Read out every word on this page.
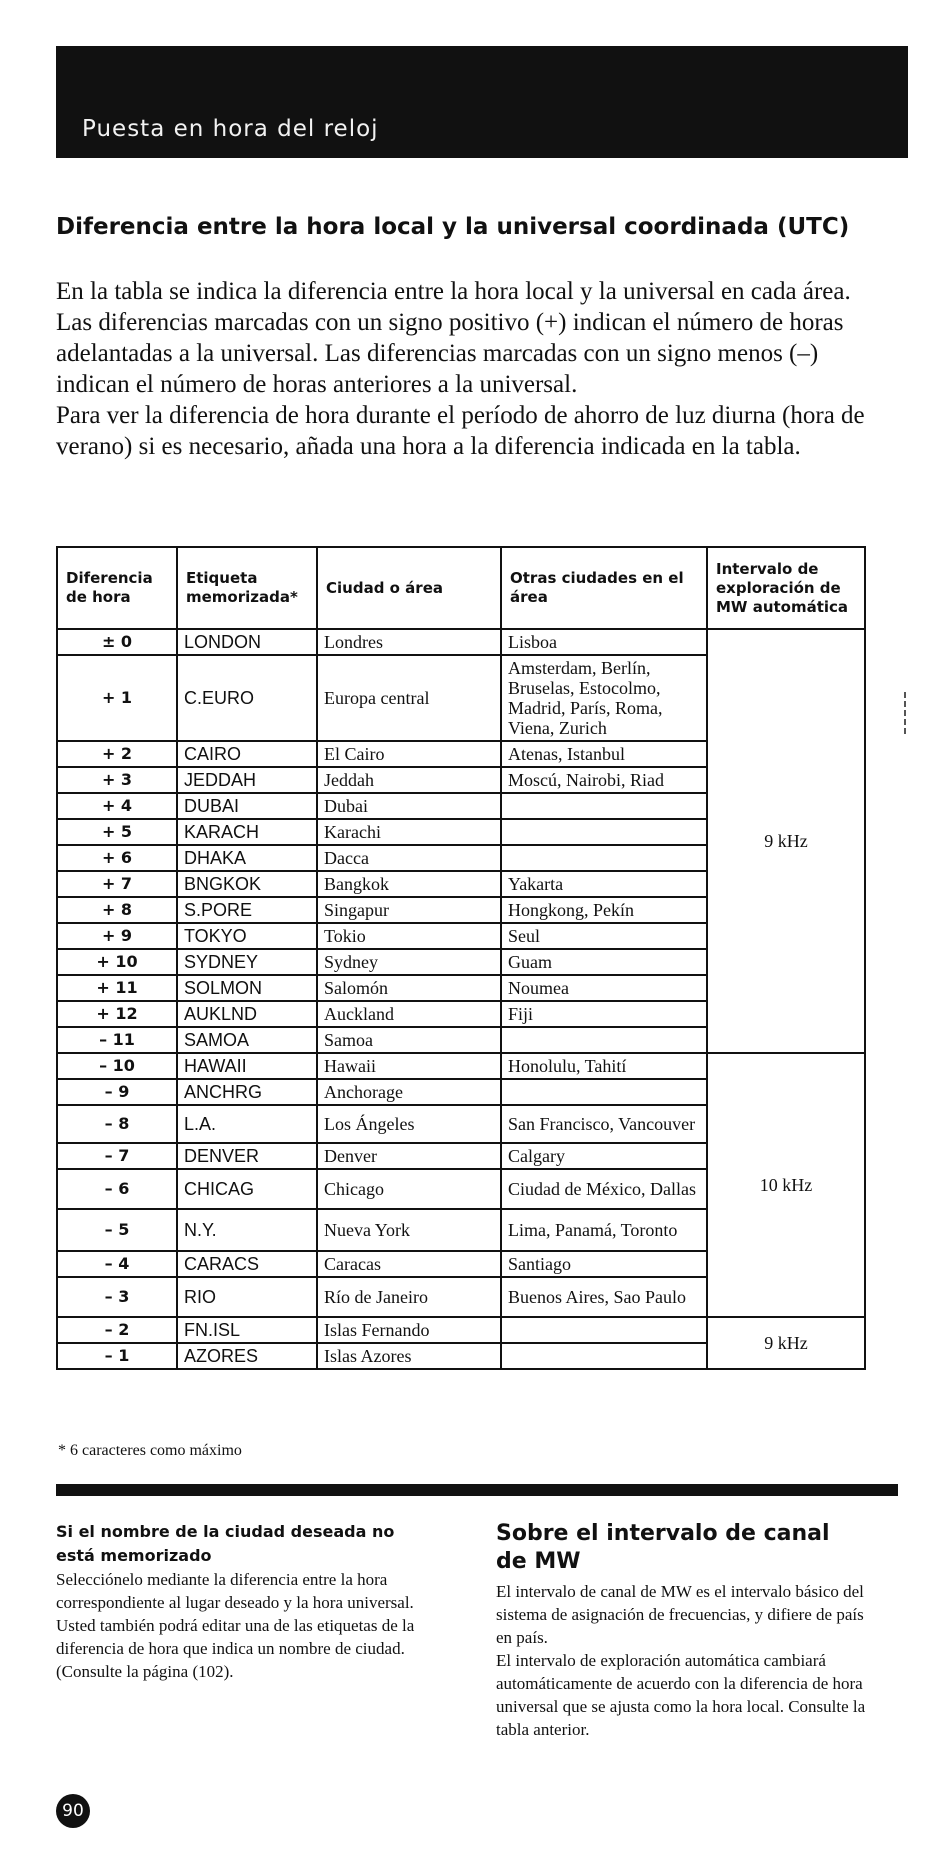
Puesta en hora del reloj
Diferencia entre la hora local y la universal coordinada (UTC)

En la tabla se indica la diferencia entre la hora local y la universal en cada área. Las diferencias marcadas con un signo positivo (+) indican el número de horas adelantadas a la universal. Las diferencias marcadas con un signo menos (–) indican el número de horas anteriores a la universal.

Para ver la diferencia de hora durante el período de ahorro de luz diurna (hora de verano) si es necesario, añada una hora a la diferencia indicada en la tabla.

Diferencia de hora	Etiqueta memorizada*	Ciudad o área	Otras ciudades en el área	Intervalo de exploración de MW automática
± 0	LONDON	Londres	Lisboa	9 kHz
+ 1	C.EURO	Europa central	Amsterdam, Berlín, Bruselas, Estocolmo, Madrid, París, Roma, Viena, Zurich	
+ 2	CAIRO	El Cairo	Atenas, Istanbul	
+ 3	JEDDAH	Jeddah	Moscú, Nairobi, Riad	
+ 4	DUBAI	Dubai		
+ 5	KARACH	Karachi		
+ 6	DHAKA	Dacca		
+ 7	BNGKOK	Bangkok	Yakarta	
+ 8	S.PORE	Singapur	Hongkong, Pekín	
+ 9	TOKYO	Tokio	Seul	
+ 10	SYDNEY	Sydney	Guam	
+ 11	SOLMON	Salomón	Noumea	
+ 12	AUKLND	Auckland	Fiji	
– 11	SAMOA	Samoa		
– 10	HAWAII	Hawaii	Honolulu, Tahití	10 kHz
– 9	ANCHRG	Anchorage		
– 8	L.A.	Los Ángeles	San Francisco, Vancouver	
– 7	DENVER	Denver	Calgary	
– 6	CHICAG	Chicago	Ciudad de México, Dallas	
– 5	N.Y.	Nueva York	Lima, Panamá, Toronto	
– 4	CARACS	Caracas	Santiago	
– 3	RIO	Río de Janeiro	Buenos Aires, Sao Paulo	
– 2	FN.ISL	Islas Fernando		9 kHz
– 1	AZORES	Islas Azores		
* 6 caracteres como máximo

Si el nombre de la ciudad deseada no está memorizado

Selecciónelo mediante la diferencia entre la hora correspondiente al lugar deseado y la hora universal.

Usted también podrá editar una de las etiquetas de la diferencia de hora que indica un nombre de ciudad. (Consulte la página (102).

Sobre el intervalo de canal de MW

El intervalo de canal de MW es el intervalo básico del sistema de asignación de frecuencias, y difiere de país en país.

El intervalo de exploración automática cambiará automáticamente de acuerdo con la diferencia de hora universal que se ajusta como la hora local. Consulte la tabla anterior.

90
